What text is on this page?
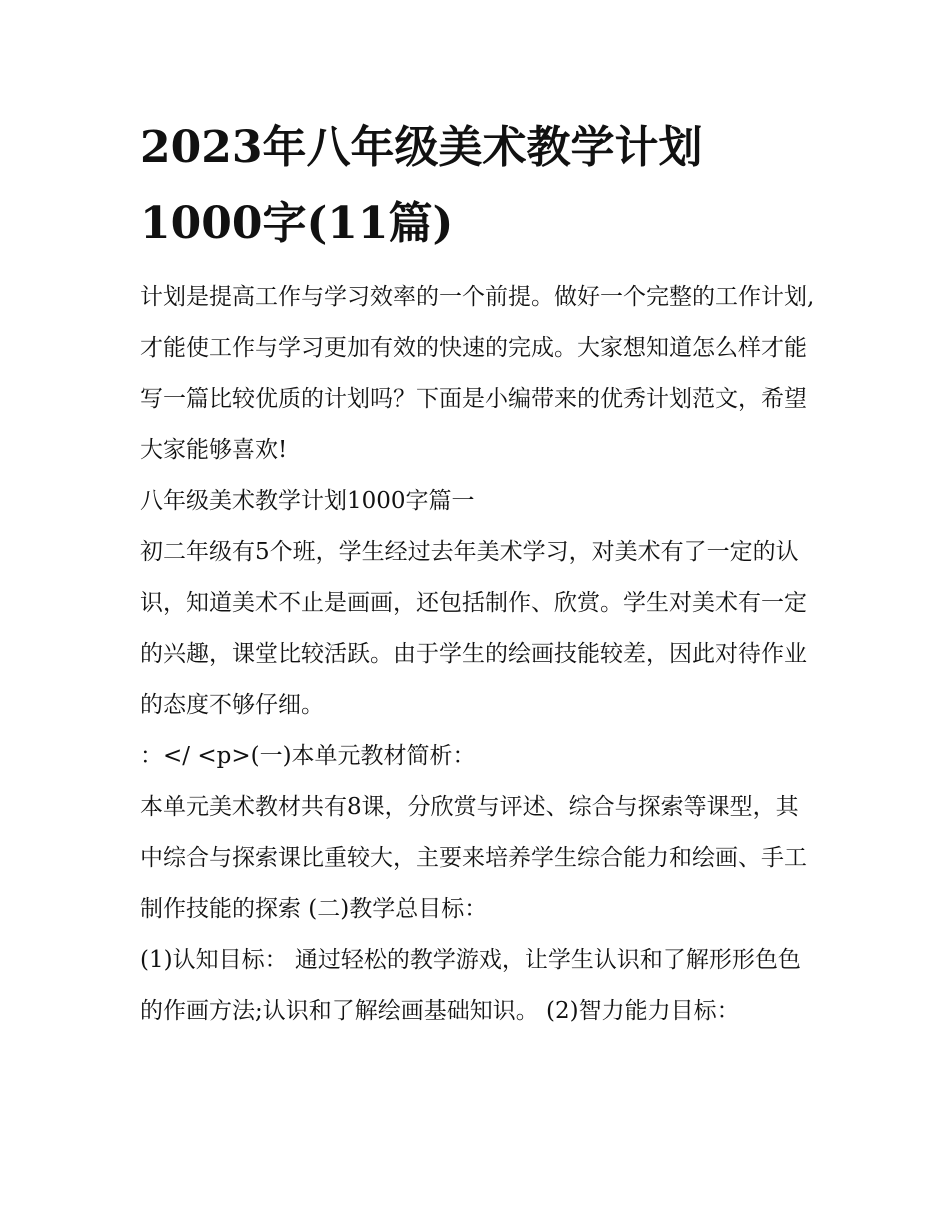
2023年八年级美术教学计划
1000字(11篇)

计划是提高工作与学习效率的一个前提。做好一个完整的工作计划,才能使工作与学习更加有效的快速的完成。大家想知道怎么样才能写一篇比较优质的计划吗？下面是小编带来的优秀计划范文，希望大家能够喜欢!

八年级美术教学计划1000字篇一

初二年级有5个班，学生经过去年美术学习，对美术有了一定的认识，知道美术不止是画画，还包括制作、欣赏。学生对美术有一定的兴趣，课堂比较活跃。由于学生的绘画技能较差，因此对待作业的态度不够仔细。

：</ <p>(一)本单元教材简析：

本单元美术教材共有8课，分欣赏与评述、综合与探索等课型，其中综合与探索课比重较大，主要来培养学生综合能力和绘画、手工制作技能的探索 (二)教学总目标：

(1)认知目标： 通过轻松的教学游戏，让学生认识和了解形形色色的作画方法;认识和了解绘画基础知识。 (2)智力能力目标：
